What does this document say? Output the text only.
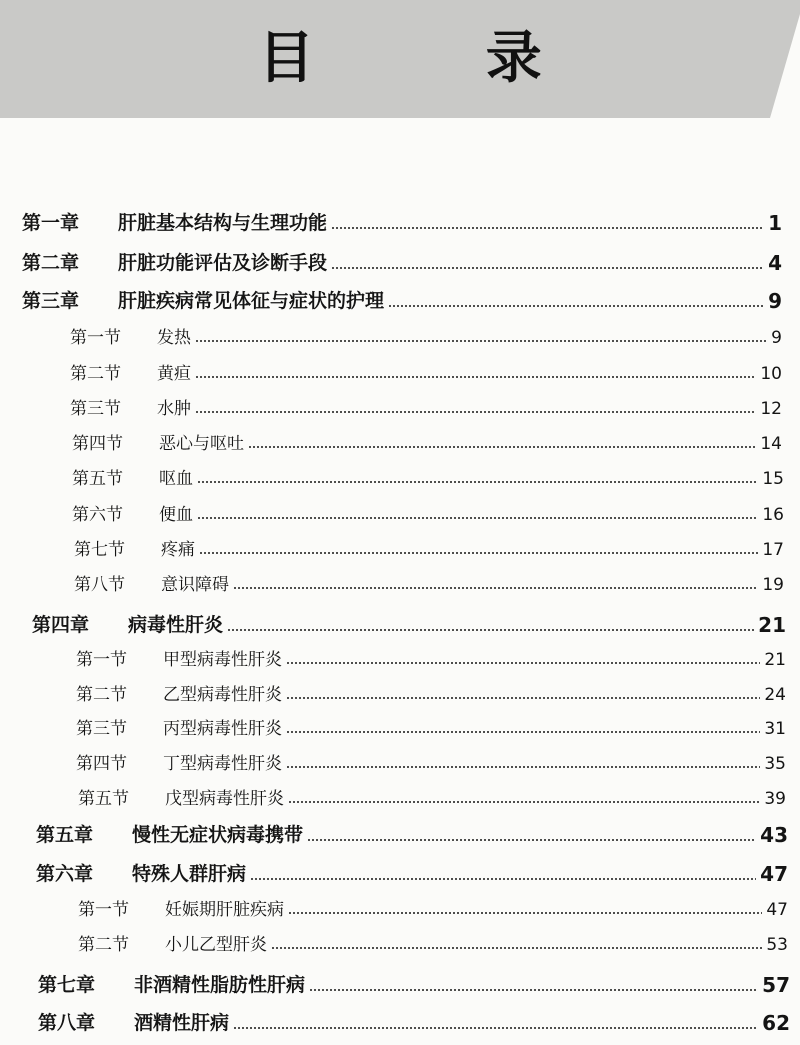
目 录
第一章	肝脏基本结构与生理功能	1
第二章	肝脏功能评估及诊断手段	4
第三章	肝脏疾病常见体征与症状的护理	9
第一节	发热	9
第二节	黄疸	10
第三节	水肿	12
第四节	恶心与呕吐	14
第五节	呕血	15
第六节	便血	16
第七节	疼痛	17
第八节	意识障碍	19
第四章	病毒性肝炎	21
第一节	甲型病毒性肝炎	21
第二节	乙型病毒性肝炎	24
第三节	丙型病毒性肝炎	31
第四节	丁型病毒性肝炎	35
第五节	戊型病毒性肝炎	39
第五章	慢性无症状病毒携带	43
第六章	特殊人群肝病	47
第一节	妊娠期肝脏疾病	47
第二节	小儿乙型肝炎	53
第七章	非酒精性脂肪性肝病	57
第八章	酒精性肝病	62
